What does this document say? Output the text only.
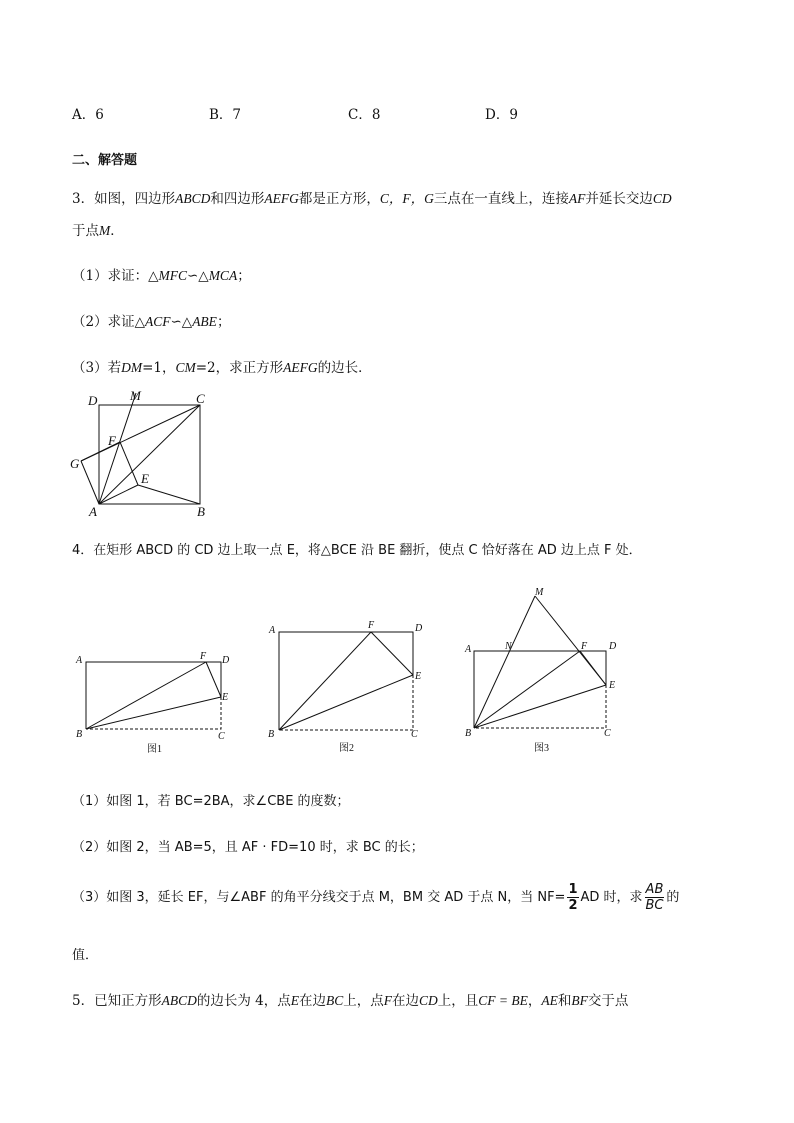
A．6	B．7	C．8	D．9
二、解答题
3．如图，四边形ABCD和四边形AEFG都是正方形，C，F，G三点在一直线上，连接AF并延长交边CD
于点M．
（1）求证：△MFC∽△MCA；
（2）求证△ACF∽△ABE；
（3）若DM=1，CM=2，求正方形AEFG的边长．
D	M	C
F
G
E
A	B
4．在矩形 ABCD 的 CD 边上取一点 E，将△BCE 沿 BE 翻折，使点 C 恰好落在 AD 边上点 F 处．
A	F D
E
B	C
图1
A	F	D
E
B	C
图2
M
A	N	F D
E
B	C
图3
（1）如图 1，若 BC=2BA，求∠CBE 的度数；
（2）如图 2，当 AB=5，且 AF · FD=10 时，求 BC 的长；
（3）如图 3，延长 EF，与∠ABF 的角平分线交于点 M，BM 交 AD 于点 N，当 $NF= \frac{1}{2}$ AD 时，求 $\frac{AB}{BC}$ 的
值．
5．已知正方形ABCD的边长为 4，点E在边BC上，点F在边CD上，且CF = BE，AE和BF交于点
